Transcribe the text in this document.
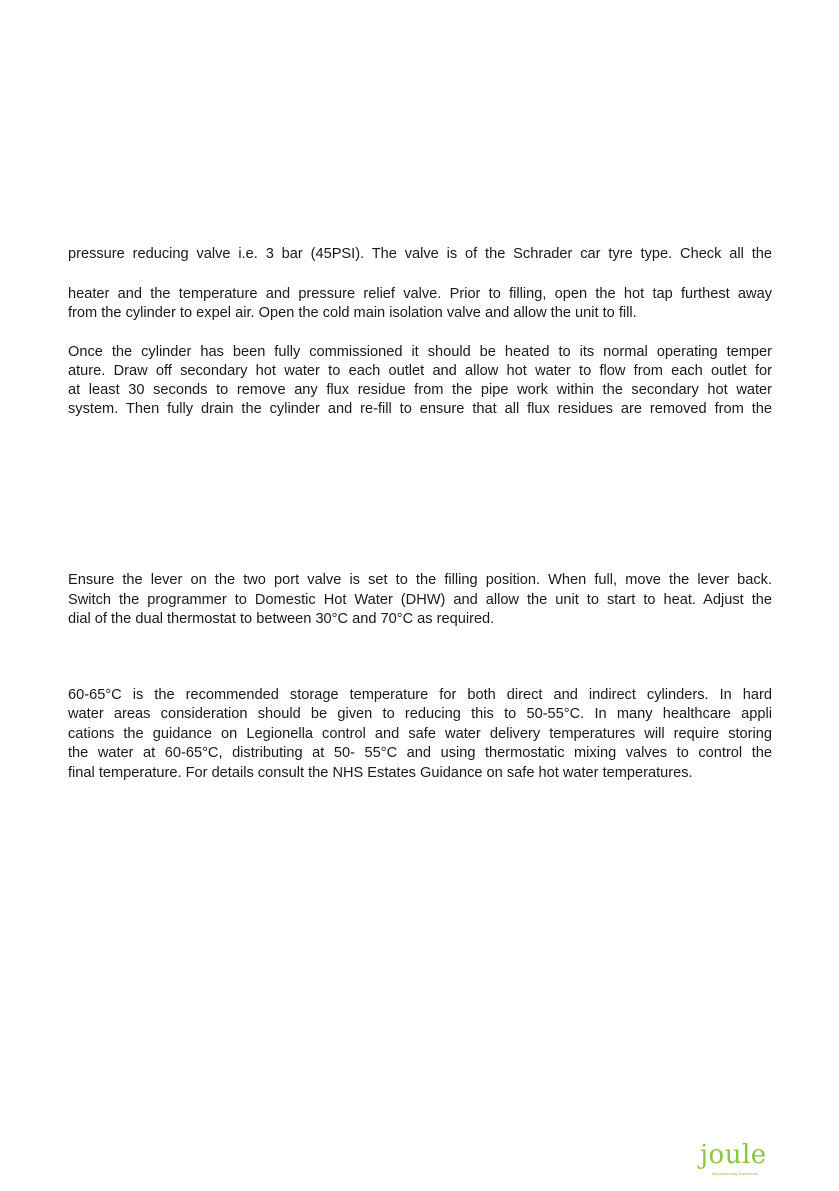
pressure reducing valve i.e. 3 bar (45PSI). The valve is of the Schrader car tyre type. Check all the
heater and the temperature and pressure relief valve. Prior to filling, open the hot tap furthest away
from the cylinder to expel air. Open the cold main isolation valve and allow the unit to fill.
Once the cylinder has been fully commissioned it should be heated to its normal operating temper
ature. Draw off secondary hot water to each outlet and allow hot water to flow from each outlet for
at least 30 seconds to remove any flux residue from the pipe work within the secondary hot water
system. Then fully drain the cylinder and re-fill to ensure that all flux residues are removed from the
Ensure the lever on the two port valve is set to the filling position. When full, move the lever back.
Switch the programmer to Domestic Hot Water (DHW) and allow the unit to start to heat. Adjust the
dial of the dual thermostat to between 30°C and 70°C as required.
60-65°C is the recommended storage temperature for both direct and indirect cylinders. In hard
water areas consideration should be given to reducing this to 50-55°C. In many healthcare appli
cations the guidance on Legionella control and safe water delivery temperatures will require storing
the water at 60-65°C, distributing at 50- 55°C and using thermostatic mixing valves to control the
final temperature. For details consult the NHS Estates Guidance on safe hot water temperatures.
joule
Manufacturing Excellence
